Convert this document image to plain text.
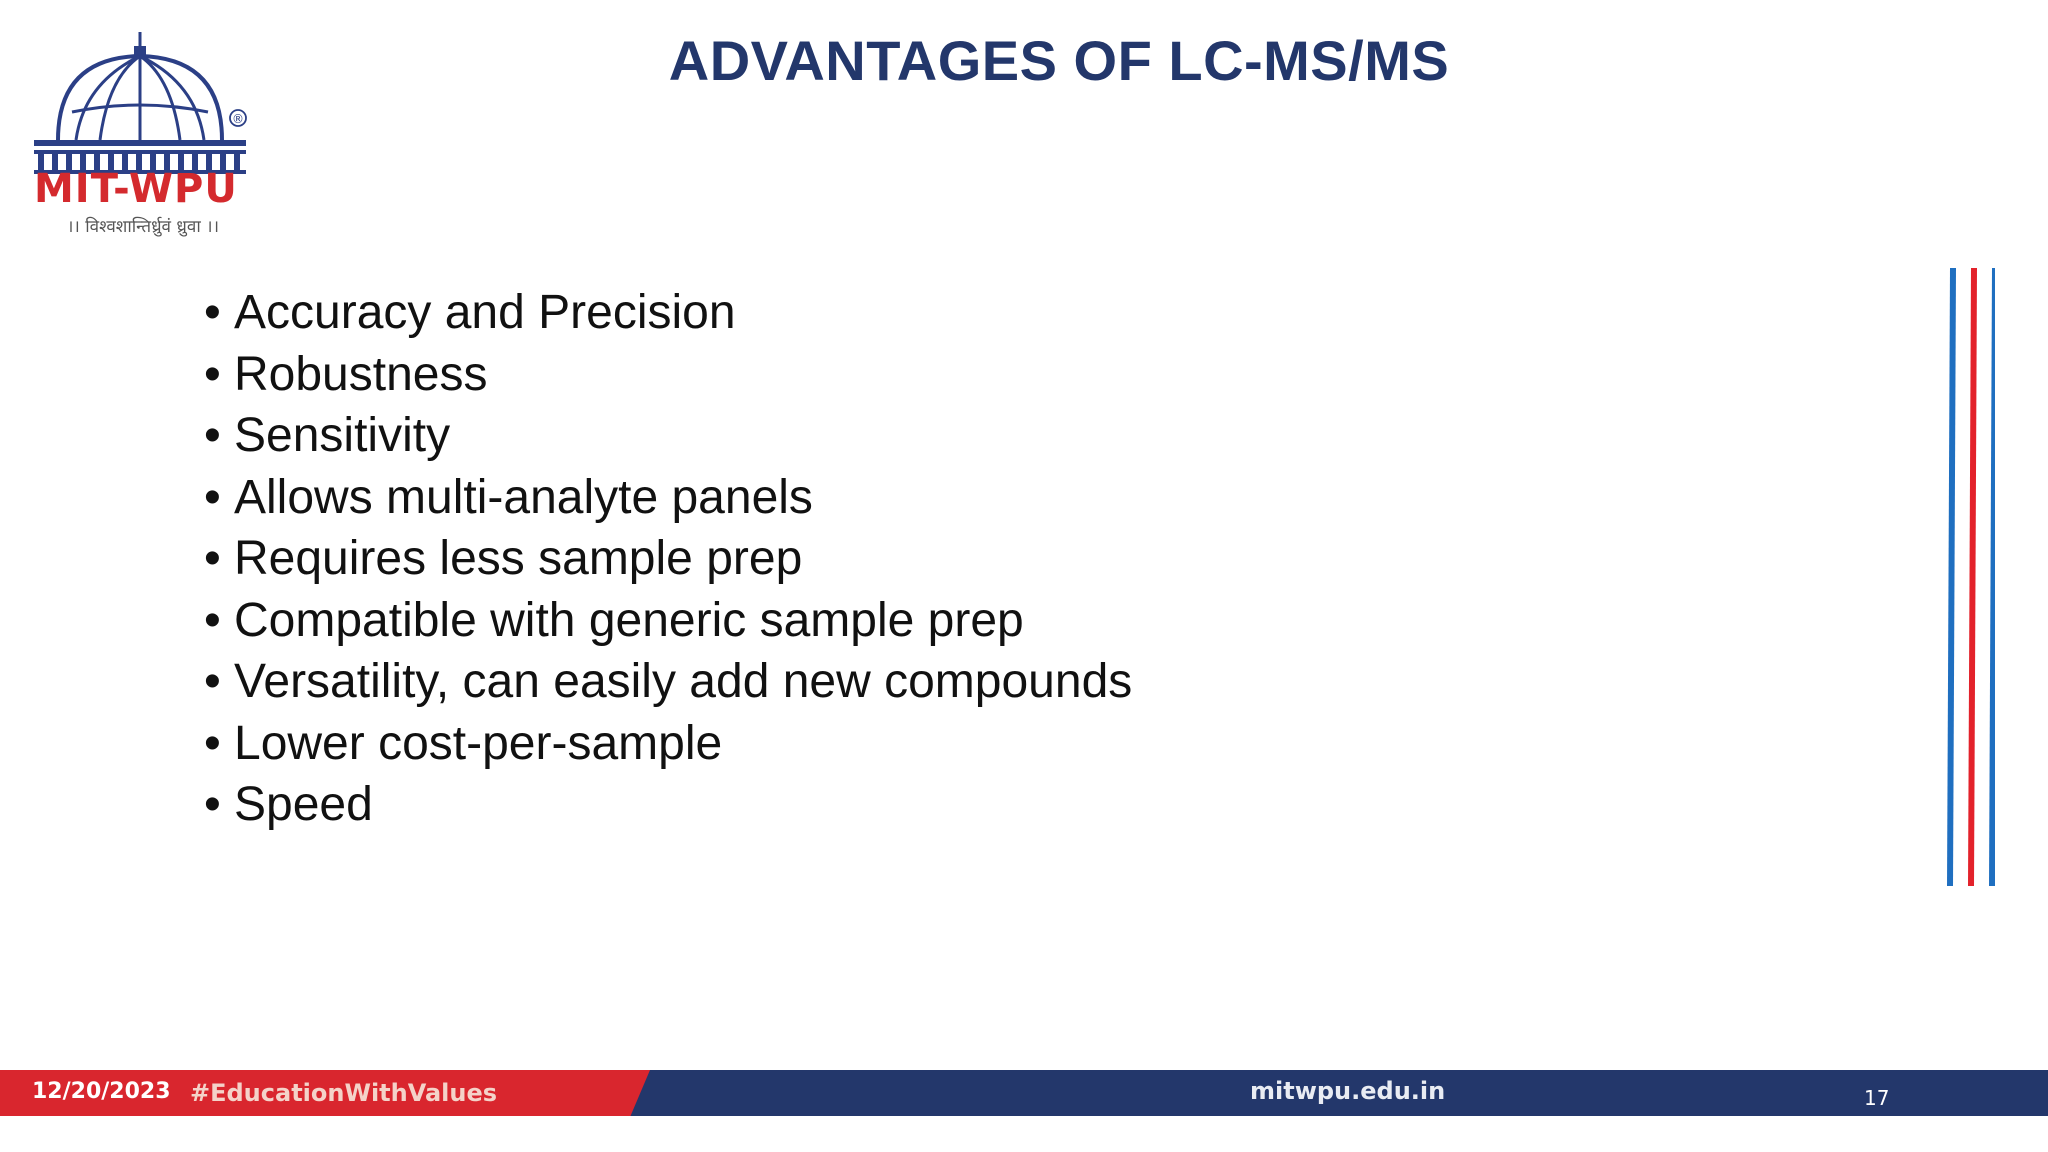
®
MIT-WPU
।। विश्वशान्तिर्ध्रुवं ध्रुवा ।।
ADVANTAGES OF LC-MS/MS
• Accuracy and Precision
• Robustness
• Sensitivity
• Allows multi-analyte panels
• Requires less sample prep
• Compatible with generic sample prep
• Versatility, can easily add new compounds
• Lower cost-per-sample
• Speed
12/20/2023 #EducationWithValues	mitwpu.edu.in	17
